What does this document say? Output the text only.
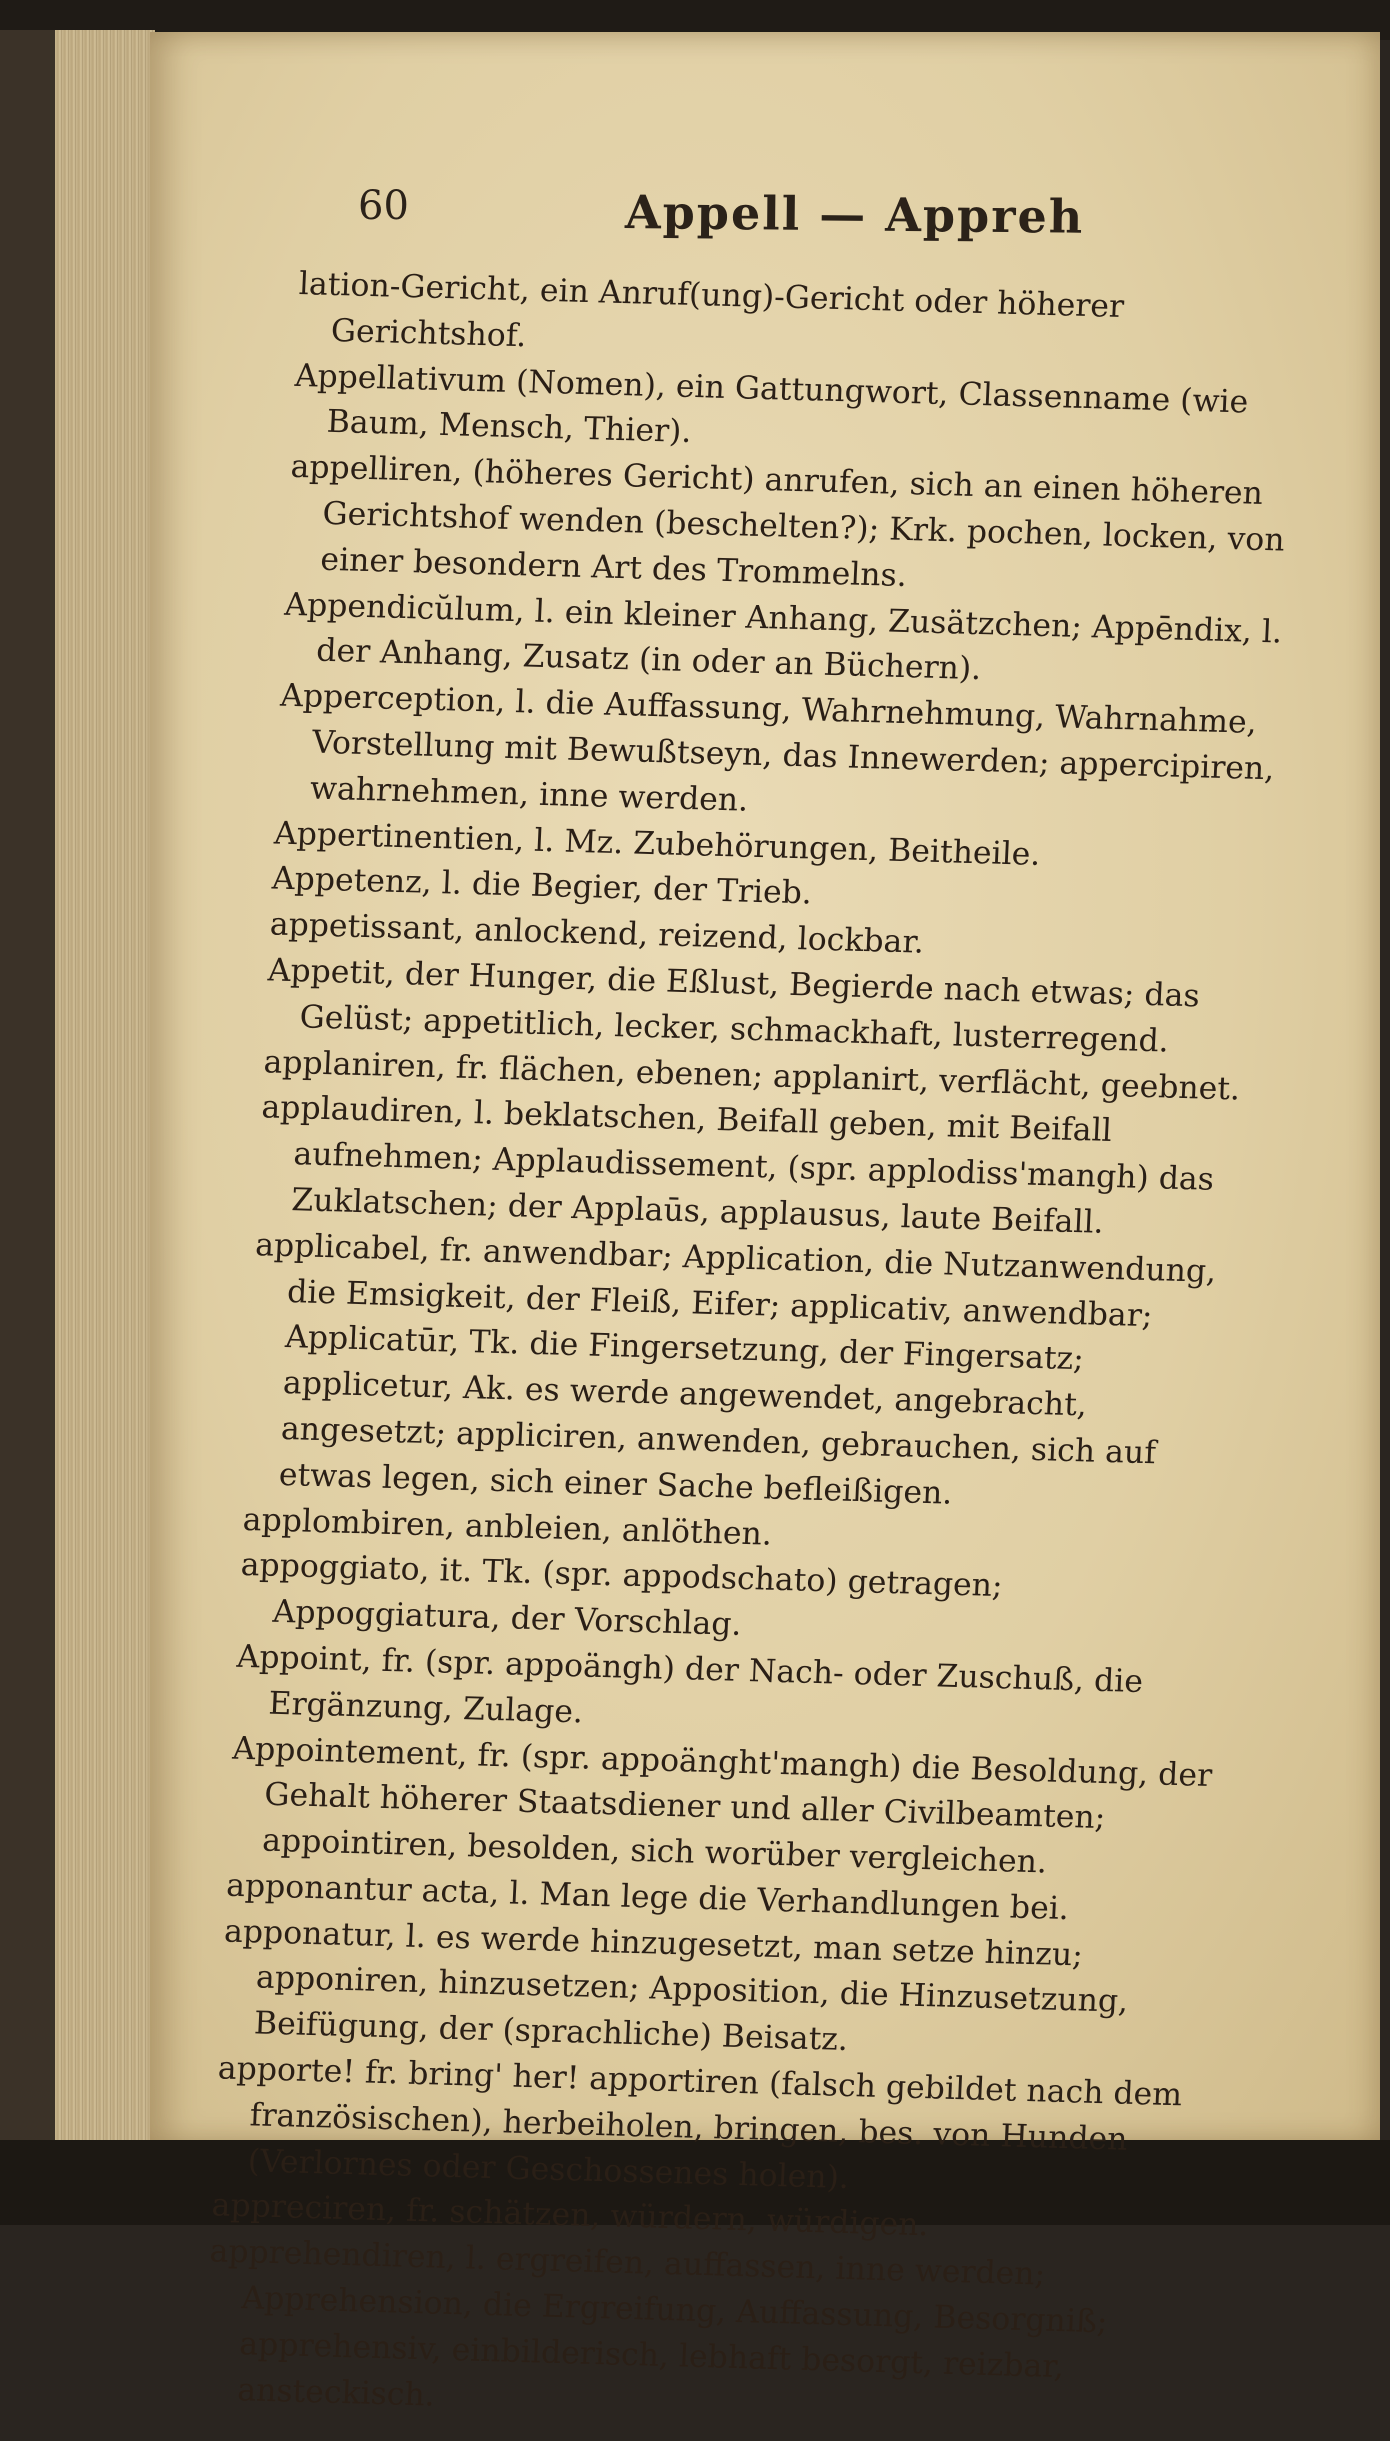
60	Appell — Appreh

lation-Gericht, ein Anruf(ung)-Gericht oder höherer Gerichtshof.

Appellativum (Nomen), ein Gattungwort, Classenname (wie Baum, Mensch, Thier).

appelliren, (höheres Gericht) anrufen, sich an einen höheren Gerichtshof wenden (beschelten?); Krk. pochen, locken, von einer besondern Art des Trommelns.

Appendicŭlum, l. ein kleiner Anhang, Zusätzchen; Appēndix, l. der Anhang, Zusatz (in oder an Büchern).

Apperception, l. die Auffassung, Wahrnehmung, Wahrnahme, Vorstellung mit Bewußtseyn, das Innewerden; appercipiren, wahrnehmen, inne werden.

Appertinentien, l. Mz. Zubehörungen, Beitheile.

Appetenz, l. die Begier, der Trieb.

appetissant, anlockend, reizend, lockbar.

Appetit, der Hunger, die Eßlust, Begierde nach etwas; das Gelüst; appetitlich, lecker, schmackhaft, lusterregend.

applaniren, fr. flächen, ebenen; applanirt, verflächt, geebnet.

applaudiren, l. beklatschen, Beifall geben, mit Beifall aufnehmen; Applaudissement, (spr. applodiss'mangh) das Zuklatschen; der Applaūs, applausus, laute Beifall.

applicabel, fr. anwendbar; Application, die Nutzanwendung, die Emsigkeit, der Fleiß, Eifer; applicativ, anwendbar; Applicatūr, Tk. die Fingersetzung, der Fingersatz; applicetur, Ak. es werde angewendet, angebracht, angesetzt; appliciren, anwenden, gebrauchen, sich auf etwas legen, sich einer Sache befleißigen.

applombiren, anbleien, anlöthen.

appoggiato, it. Tk. (spr. appodschato) getragen; Appoggiatura, der Vorschlag.

Appoint, fr. (spr. appoängh) der Nach- oder Zuschuß, die Ergänzung, Zulage.

Appointement, fr. (spr. appoänght'mangh) die Besoldung, der Gehalt höherer Staatsdiener und aller Civilbeamten; appointiren, besolden, sich worüber vergleichen.

apponantur acta, l. Man lege die Verhandlungen bei.

apponatur, l. es werde hinzugesetzt, man setze hinzu; apponiren, hinzusetzen; Apposition, die Hinzusetzung, Beifügung, der (sprachliche) Beisatz.

apporte! fr. bring' her! apportiren (falsch gebildet nach dem französischen), herbeiholen, bringen, bes. von Hunden (Verlornes oder Geschossenes holen).

appreciren, fr. schätzen, würdern, würdigen.

apprehendiren, l. ergreifen, auffassen, inne werden; Apprehension, die Ergreifung, Auffassung, Besorgniß; apprehensiv, einbilderisch, lebhaft besorgt, reizbar, ansteckisch.
